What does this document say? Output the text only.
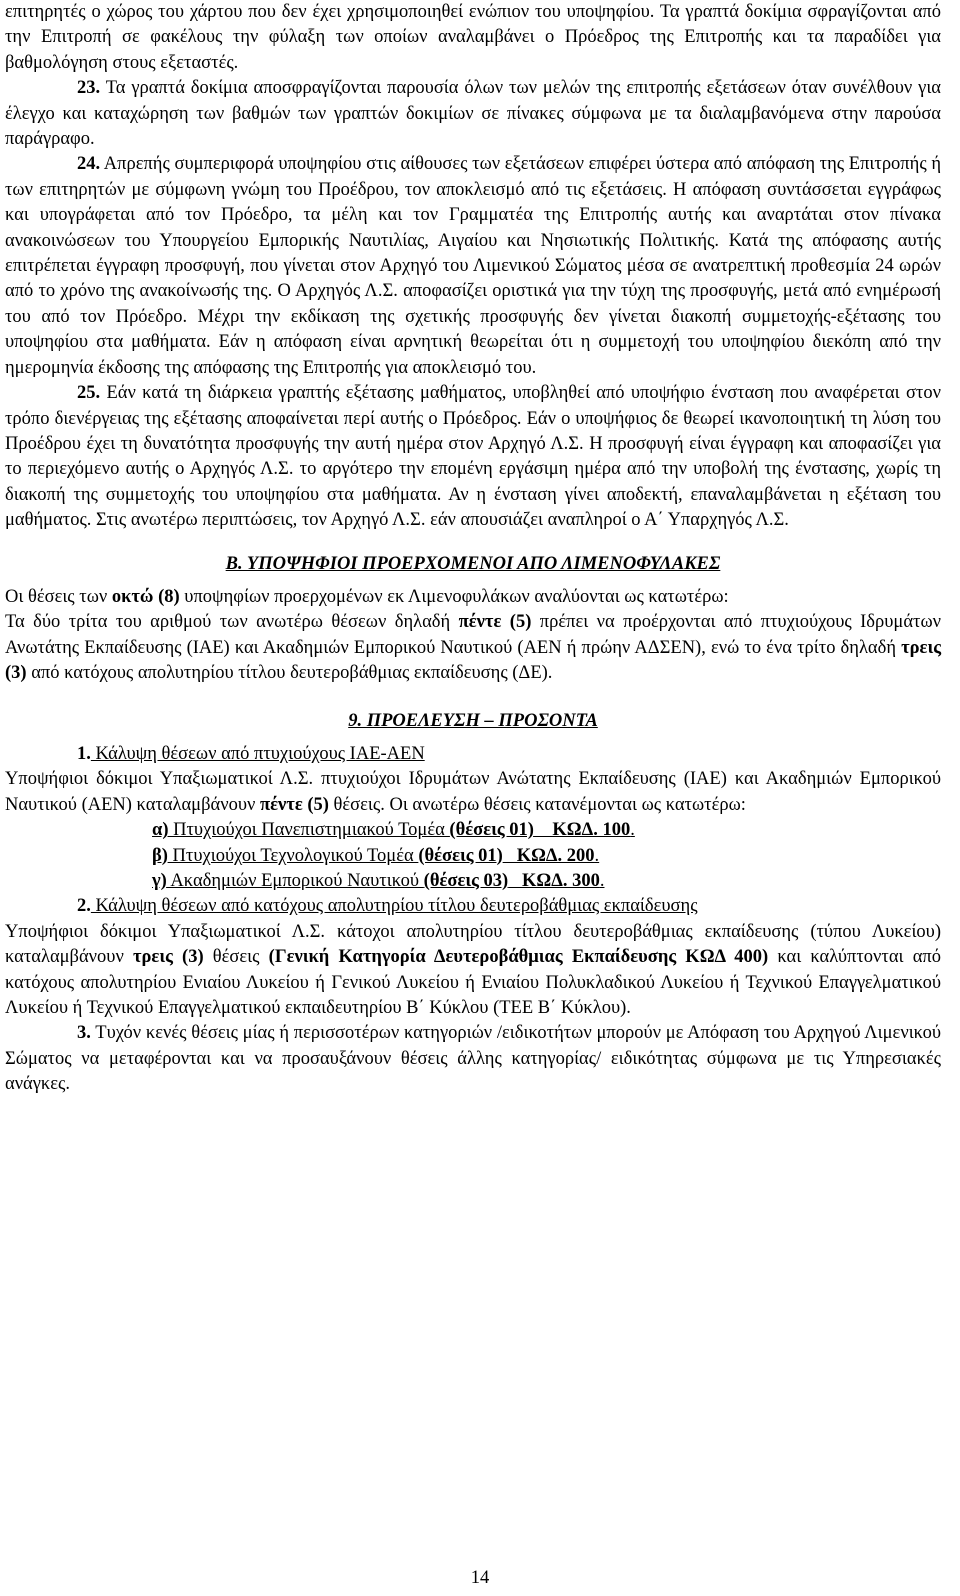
επιτηρητές ο χώρος του χάρτου που δεν έχει χρησιμοποιηθεί ενώπιον του υποψηφίου. Τα γραπτά δοκίμια σφραγίζονται από την Επιτροπή σε φακέλους την φύλαξη των οποίων αναλαμβάνει ο Πρόεδρος της Επιτροπής και τα παραδίδει για βαθμολόγηση στους εξεταστές.

23. Τα γραπτά δοκίμια αποσφραγίζονται παρουσία όλων των μελών της επιτροπής εξετάσεων όταν συνέλθουν για έλεγχο και καταχώρηση των βαθμών των γραπτών δοκιμίων σε πίνακες σύμφωνα με τα διαλαμβανόμενα στην παρούσα παράγραφο.

24. Απρεπής συμπεριφορά υποψηφίου στις αίθουσες των εξετάσεων επιφέρει ύστερα από απόφαση της Επιτροπής ή των επιτηρητών με σύμφωνη γνώμη του Προέδρου, τον αποκλεισμό από τις εξετάσεις. Η απόφαση συντάσσεται εγγράφως και υπογράφεται από τον Πρόεδρο, τα μέλη και τον Γραμματέα της Επιτροπής αυτής και αναρτάται στον πίνακα ανακοινώσεων του Υπουργείου Εμπορικής Ναυτιλίας, Αιγαίου και Νησιωτικής Πολιτικής. Κατά της απόφασης αυτής επιτρέπεται έγγραφη προσφυγή, που γίνεται στον Αρχηγό του Λιμενικού Σώματος μέσα σε ανατρεπτική προθεσμία 24 ωρών από το χρόνο της ανακοίνωσής της. Ο Αρχηγός Λ.Σ. αποφασίζει οριστικά για την τύχη της προσφυγής, μετά από ενημέρωσή του από τον Πρόεδρο. Μέχρι την εκδίκαση της σχετικής προσφυγής δεν γίνεται διακοπή συμμετοχής-εξέτασης του υποψηφίου στα μαθήματα. Εάν η απόφαση είναι αρνητική θεωρείται ότι η συμμετοχή του υποψηφίου διεκόπη από την ημερομηνία έκδοσης της απόφασης της Επιτροπής για αποκλεισμό του.

25. Εάν κατά τη διάρκεια γραπτής εξέτασης μαθήματος, υποβληθεί από υποψήφιο ένσταση που αναφέρεται στον τρόπο διενέργειας της εξέτασης αποφαίνεται περί αυτής ο Πρόεδρος. Εάν ο υποψήφιος δε θεωρεί ικανοποιητική τη λύση του Προέδρου έχει τη δυνατότητα προσφυγής την αυτή ημέρα στον Αρχηγό Λ.Σ. Η προσφυγή είναι έγγραφη και αποφασίζει για το περιεχόμενο αυτής ο Αρχηγός Λ.Σ. το αργότερο την επομένη εργάσιμη ημέρα από την υποβολή της ένστασης, χωρίς τη διακοπή της συμμετοχής του υποψηφίου στα μαθήματα. Αν η ένσταση γίνει αποδεκτή, επαναλαμβάνεται η εξέταση του μαθήματος. Στις ανωτέρω περιπτώσεις, τον Αρχηγό Λ.Σ. εάν απουσιάζει αναπληροί ο Α΄ Υπαρχηγός Λ.Σ.

Β. ΥΠΟΨΗΦΙΟΙ ΠΡΟΕΡΧΟΜΕΝΟΙ ΑΠΟ ΛΙΜΕΝΟΦΥΛΑΚΕΣ

Οι θέσεις των οκτώ (8) υποψηφίων προερχομένων εκ Λιμενοφυλάκων αναλύονται ως κατωτέρω:

Τα δύο τρίτα του αριθμού των ανωτέρω θέσεων δηλαδή πέντε (5) πρέπει να προέρχονται από πτυχιούχους Ιδρυμάτων Ανωτάτης Εκπαίδευσης (ΙΑΕ) και Ακαδημιών Εμπορικού Ναυτικού (ΑΕΝ ή πρώην ΑΔΣΕΝ), ενώ το ένα τρίτο δηλαδή τρεις (3) από κατόχους απολυτηρίου τίτλου δευτεροβάθμιας εκπαίδευσης (ΔΕ).

9. ΠΡΟΕΛΕΥΣΗ – ΠΡΟΣΟΝΤΑ

1. Κάλυψη θέσεων από πτυχιούχους ΙΑΕ-ΑΕΝ

Υποψήφιοι δόκιμοι Υπαξιωματικοί Λ.Σ. πτυχιούχοι Ιδρυμάτων Ανώτατης Εκπαίδευσης (ΙΑΕ) και Ακαδημιών Εμπορικού Ναυτικού (ΑΕΝ) καταλαμβάνουν πέντε (5) θέσεις. Οι ανωτέρω θέσεις κατανέμονται ως κατωτέρω:

α) Πτυχιούχοι Πανεπιστημιακού Τομέα (θέσεις 01)    ΚΩΔ. 100.

β) Πτυχιούχοι Τεχνολογικού Τομέα (θέσεις 01)   ΚΩΔ. 200.

γ) Ακαδημιών Εμπορικού Ναυτικού (θέσεις 03)   ΚΩΔ. 300.

2. Κάλυψη θέσεων από κατόχους απολυτηρίου τίτλου δευτεροβάθμιας εκπαίδευσης

Υποψήφιοι δόκιμοι Υπαξιωματικοί Λ.Σ. κάτοχοι απολυτηρίου τίτλου δευτεροβάθμιας εκπαίδευσης (τύπου Λυκείου) καταλαμβάνουν τρεις (3) θέσεις (Γενική Κατηγορία Δευτεροβάθμιας Εκπαίδευσης ΚΩΔ 400) και καλύπτονται από κατόχους απολυτηρίου Ενιαίου Λυκείου ή Γενικού Λυκείου ή Ενιαίου Πολυκλαδικού Λυκείου ή Τεχνικού Επαγγελματικού Λυκείου ή Τεχνικού Επαγγελματικού εκπαιδευτηρίου Β΄ Κύκλου (ΤΕΕ Β΄ Κύκλου).

3. Τυχόν κενές θέσεις μίας ή περισσοτέρων κατηγοριών /ειδικοτήτων μπορούν με Απόφαση του Αρχηγού Λιμενικού Σώματος να μεταφέρονται και να προσαυξάνουν θέσεις άλλης κατηγορίας/ ειδικότητας σύμφωνα με τις Υπηρεσιακές ανάγκες.

14
